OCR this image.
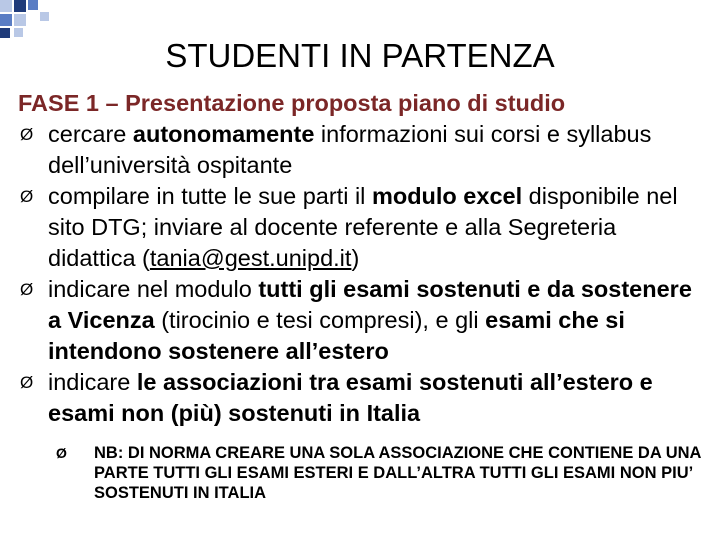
STUDENTI IN PARTENZA
FASE 1 – Presentazione proposta piano di studio
Ø cercare autonomamente informazioni sui corsi e syllabus dell’università ospitante
Ø compilare in tutte le sue parti il modulo excel disponibile nel sito DTG; inviare al docente referente e alla Segreteria didattica (tania@gest.unipd.it)
Ø indicare nel modulo tutti gli esami sostenuti e da sostenere a Vicenza (tirocinio e tesi compresi), e gli esami che si intendono sostenere all’estero
Ø indicare le associazioni tra esami sostenuti all’estero e esami non (più) sostenuti in Italia
Ø NB: DI NORMA CREARE UNA SOLA ASSOCIAZIONE CHE CONTIENE DA UNA PARTE TUTTI GLI ESAMI ESTERI E DALL’ALTRA TUTTI GLI ESAMI NON PIU’ SOSTENUTI IN ITALIA
